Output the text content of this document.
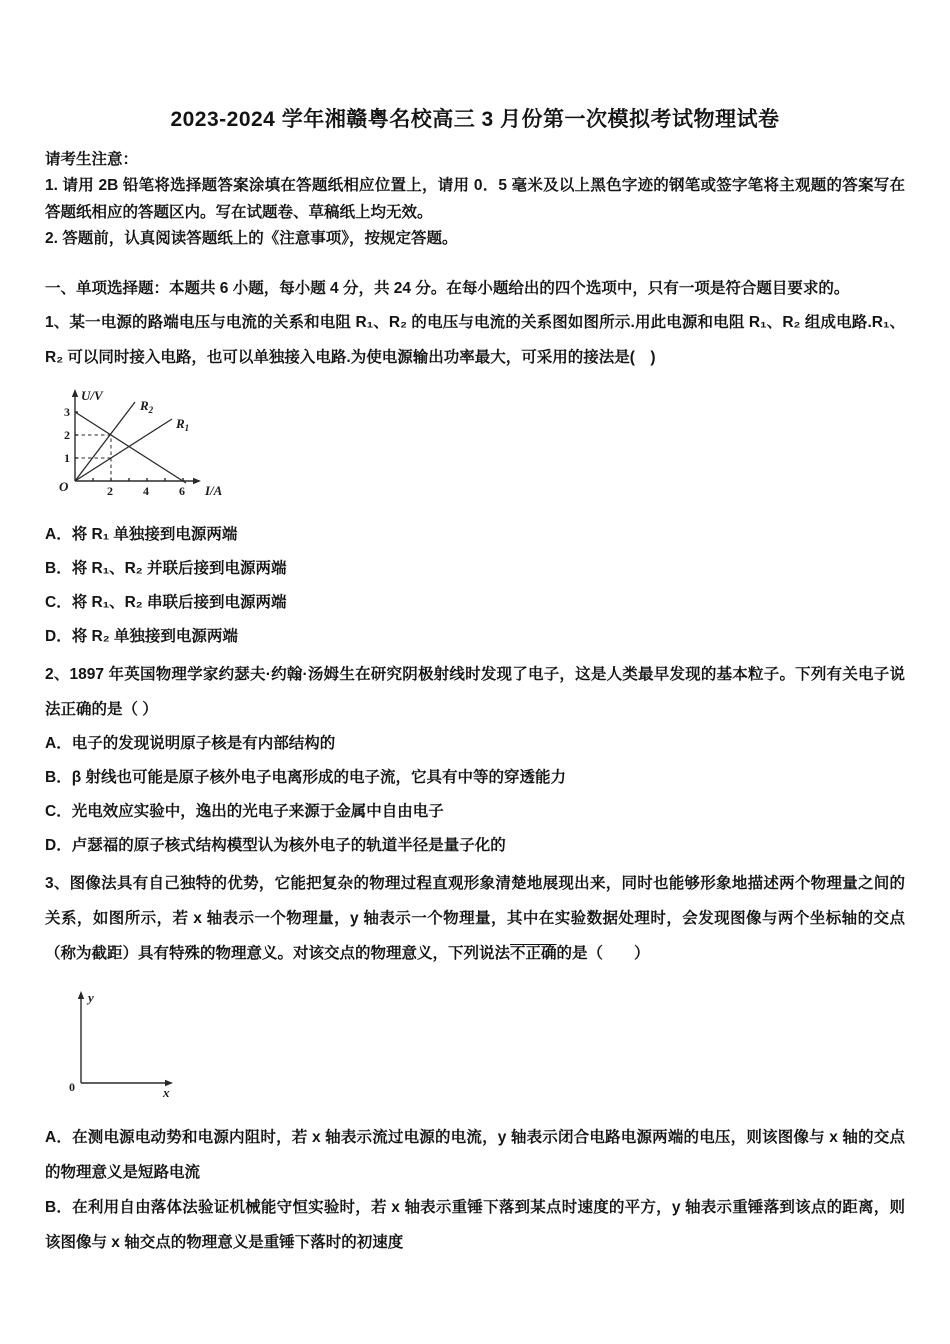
2023-2024 学年湘赣粤名校高三 3 月份第一次模拟考试物理试卷

请考生注意：

1. 请用 2B 铅笔将选择题答案涂填在答题纸相应位置上，请用 0．5 毫米及以上黑色字迹的钢笔或签字笔将主观题的答案写在答题纸相应的答题区内。写在试题卷、草稿纸上均无效。

2. 答题前，认真阅读答题纸上的《注意事项》，按规定答题。

一、单项选择题：本题共 6 小题，每小题 4 分，共 24 分。在每小题给出的四个选项中，只有一项是符合题目要求的。

1、某一电源的路端电压与电流的关系和电阻 R₁、R₂ 的电压与电流的关系图如图所示.用此电源和电阻 R₁、R₂ 组成电路.R₁、R₂ 可以同时接入电路，也可以单独接入电路.为使电源输出功率最大，可采用的接法是(　)

U/V
I/A
O
1
2
3
2	4	6
$R_2$
$R_1$

A．将 R₁ 单独接到电源两端

B．将 R₁、R₂ 并联后接到电源两端

C．将 R₁、R₂ 串联后接到电源两端

D．将 R₂ 单独接到电源两端

2、1897 年英国物理学家约瑟夫·约翰·汤姆生在研究阴极射线时发现了电子，这是人类最早发现的基本粒子。下列有关电子说法正确的是（ ）

A．电子的发现说明原子核是有内部结构的

B．β 射线也可能是原子核外电子电离形成的电子流，它具有中等的穿透能力

C．光电效应实验中，逸出的光电子来源于金属中自由电子

D．卢瑟福的原子核式结构模型认为核外电子的轨道半径是量子化的

3、图像法具有自己独特的优势，它能把复杂的物理过程直观形象清楚地展现出来，同时也能够形象地描述两个物理量之间的关系，如图所示，若 x 轴表示一个物理量，y 轴表示一个物理量，其中在实验数据处理时，会发现图像与两个坐标轴的交点（称为截距）具有特殊的物理意义。对该交点的物理意义，下列说法不正确的是（　　）

y
x
0

A．在测电源电动势和电源内阻时，若 x 轴表示流过电源的电流，y 轴表示闭合电路电源两端的电压，则该图像与 x 轴的交点的物理意义是短路电流

B．在利用自由落体法验证机械能守恒实验时，若 x 轴表示重锤下落到某点时速度的平方，y 轴表示重锤落到该点的距离，则该图像与 x 轴交点的物理意义是重锤下落时的初速度
